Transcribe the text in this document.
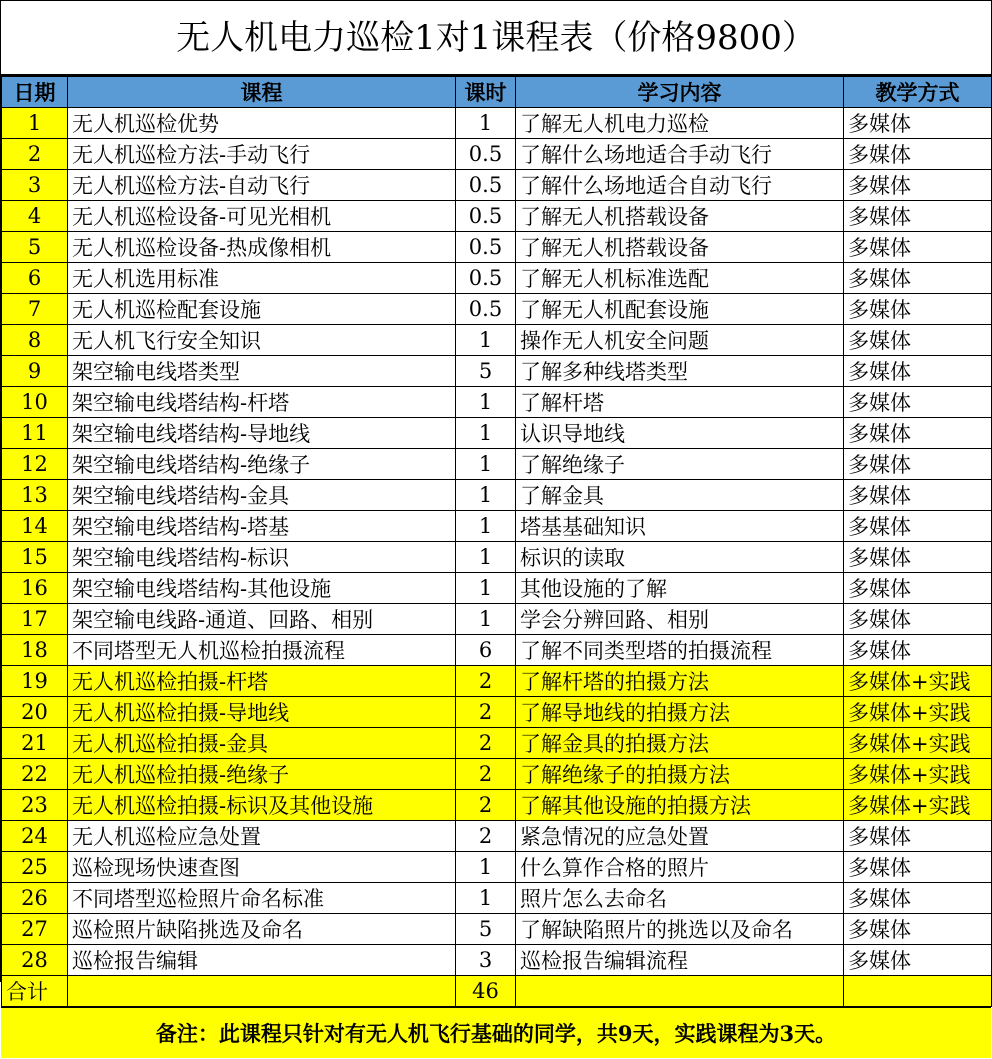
无人机电力巡检1对1课程表（价格9800）
日期	课程	课时	学习内容	教学方式
1	无人机巡检优势	1	了解无人机电力巡检	多媒体
2	无人机巡检方法-手动飞行	0.5	了解什么场地适合手动飞行	多媒体
3	无人机巡检方法-自动飞行	0.5	了解什么场地适合自动飞行	多媒体
4	无人机巡检设备-可见光相机	0.5	了解无人机搭载设备	多媒体
5	无人机巡检设备-热成像相机	0.5	了解无人机搭载设备	多媒体
6	无人机选用标准	0.5	了解无人机标准选配	多媒体
7	无人机巡检配套设施	0.5	了解无人机配套设施	多媒体
8	无人机飞行安全知识	1	操作无人机安全问题	多媒体
9	架空输电线塔类型	5	了解多种线塔类型	多媒体
10	架空输电线塔结构-杆塔	1	了解杆塔	多媒体
11	架空输电线塔结构-导地线	1	认识导地线	多媒体
12	架空输电线塔结构-绝缘子	1	了解绝缘子	多媒体
13	架空输电线塔结构-金具	1	了解金具	多媒体
14	架空输电线塔结构-塔基	1	塔基基础知识	多媒体
15	架空输电线塔结构-标识	1	标识的读取	多媒体
16	架空输电线塔结构-其他设施	1	其他设施的了解	多媒体
17	架空输电线路-通道、回路、相别	1	学会分辨回路、相别	多媒体
18	不同塔型无人机巡检拍摄流程	6	了解不同类型塔的拍摄流程	多媒体
19	无人机巡检拍摄-杆塔	2	了解杆塔的拍摄方法	多媒体+实践
20	无人机巡检拍摄-导地线	2	了解导地线的拍摄方法	多媒体+实践
21	无人机巡检拍摄-金具	2	了解金具的拍摄方法	多媒体+实践
22	无人机巡检拍摄-绝缘子	2	了解绝缘子的拍摄方法	多媒体+实践
23	无人机巡检拍摄-标识及其他设施	2	了解其他设施的拍摄方法	多媒体+实践
24	无人机巡检应急处置	2	紧急情况的应急处置	多媒体
25	巡检现场快速查图	1	什么算作合格的照片	多媒体
26	不同塔型巡检照片命名标准	1	照片怎么去命名	多媒体
27	巡检照片缺陷挑选及命名	5	了解缺陷照片的挑选以及命名	多媒体
28	巡检报告编辑	3	巡检报告编辑流程	多媒体
合计		46		
备注：此课程只针对有无人机飞行基础的同学，共9天，实践课程为3天。
